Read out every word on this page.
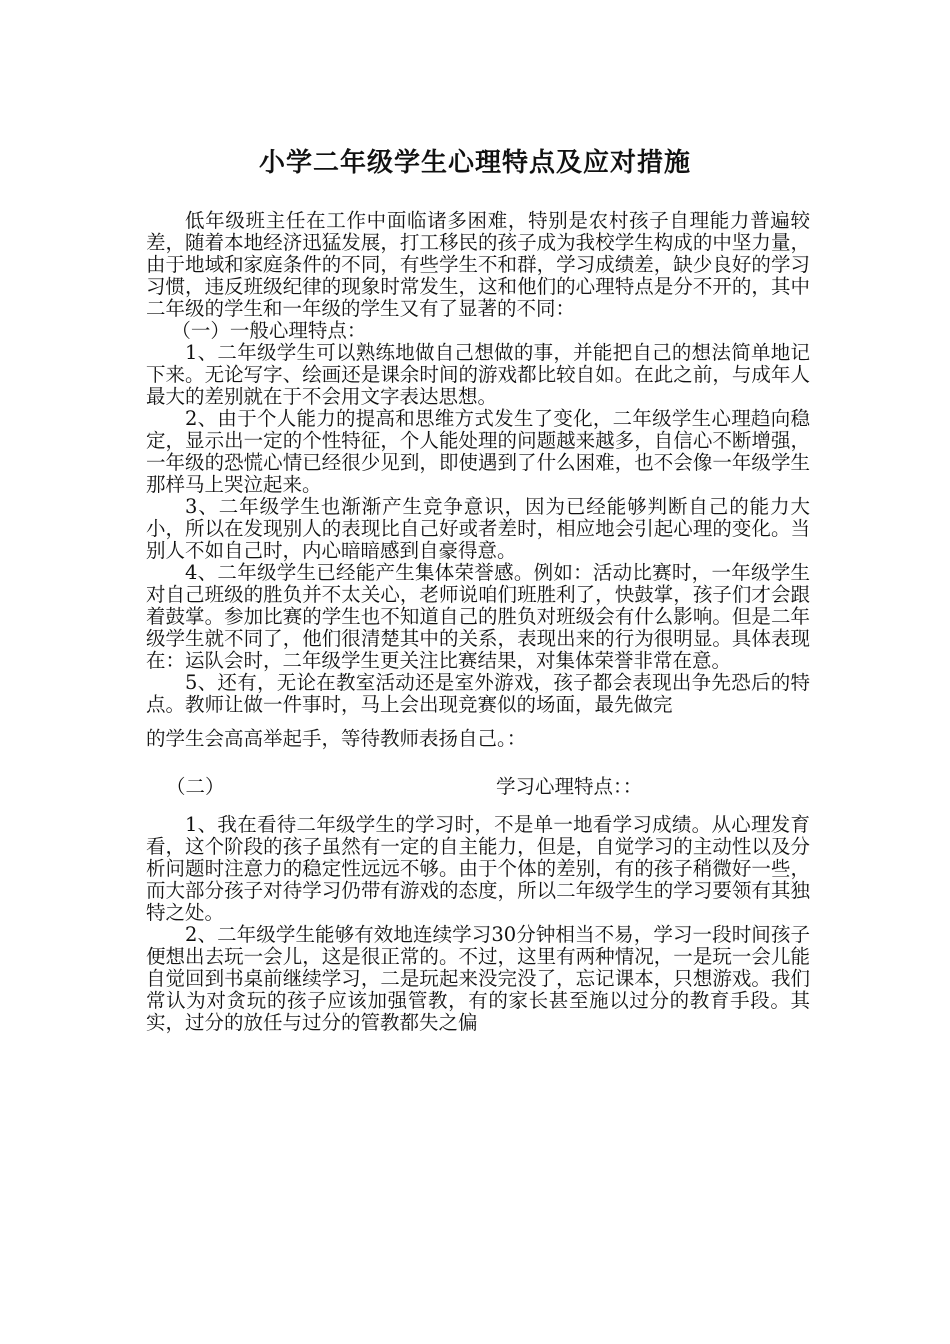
小学二年级学生心理特点及应对措施

低年级班主任在工作中面临诸多困难，特别是农村孩子自理能力普遍较差，随着本地经济迅猛发展，打工移民的孩子成为我校学生构成的中坚力量，由于地域和家庭条件的不同，有些学生不和群，学习成绩差，缺少良好的学习习惯，违反班级纪律的现象时常发生，这和他们的心理特点是分不开的，其中二年级的学生和一年级的学生又有了显著的不同：

（一）一般心理特点：

1、二年级学生可以熟练地做自己想做的事，并能把自己的想法简单地记下来。无论写字、绘画还是课余时间的游戏都比较自如。在此之前，与成年人最大的差别就在于不会用文字表达思想。

2、由于个人能力的提高和思维方式发生了变化，二年级学生心理趋向稳定，显示出一定的个性特征，个人能处理的问题越来越多，自信心不断增强，一年级的恐慌心情已经很少见到，即使遇到了什么困难，也不会像一年级学生那样马上哭泣起来。

3、二年级学生也渐渐产生竞争意识，因为已经能够判断自己的能力大小，所以在发现别人的表现比自己好或者差时，相应地会引起心理的变化。当别人不如自己时，内心暗暗感到自豪得意。

4、二年级学生已经能产生集体荣誉感。例如：活动比赛时，一年级学生对自己班级的胜负并不太关心，老师说咱们班胜利了，快鼓掌，孩子们才会跟着鼓掌。参加比赛的学生也不知道自己的胜负对班级会有什么影响。但是二年级学生就不同了，他们很清楚其中的关系，表现出来的行为很明显。具体表现在：运队会时，二年级学生更关注比赛结果，对集体荣誉非常在意。

5、还有，无论在教室活动还是室外游戏，孩子都会表现出争先恐后的特点。教师让做一件事时，马上会出现竞赛似的场面，最先做完

的学生会高高举起手，等待教师表扬自己。：

（二）	学习心理特点：：

1、我在看待二年级学生的学习时，不是单一地看学习成绩。从心理发育看，这个阶段的孩子虽然有一定的自主能力，但是，自觉学习的主动性以及分析问题时注意力的稳定性远远不够。由于个体的差别，有的孩子稍微好一些，而大部分孩子对待学习仍带有游戏的态度，所以二年级学生的学习要领有其独特之处。

2、二年级学生能够有效地连续学习30分钟相当不易，学习一段时间孩子便想出去玩一会儿，这是很正常的。不过，这里有两种情况，一是玩一会儿能自觉回到书桌前继续学习，二是玩起来没完没了，忘记课本，只想游戏。我们常认为对贪玩的孩子应该加强管教，有的家长甚至施以过分的教育手段。其实，过分的放任与过分的管教都失之偏
